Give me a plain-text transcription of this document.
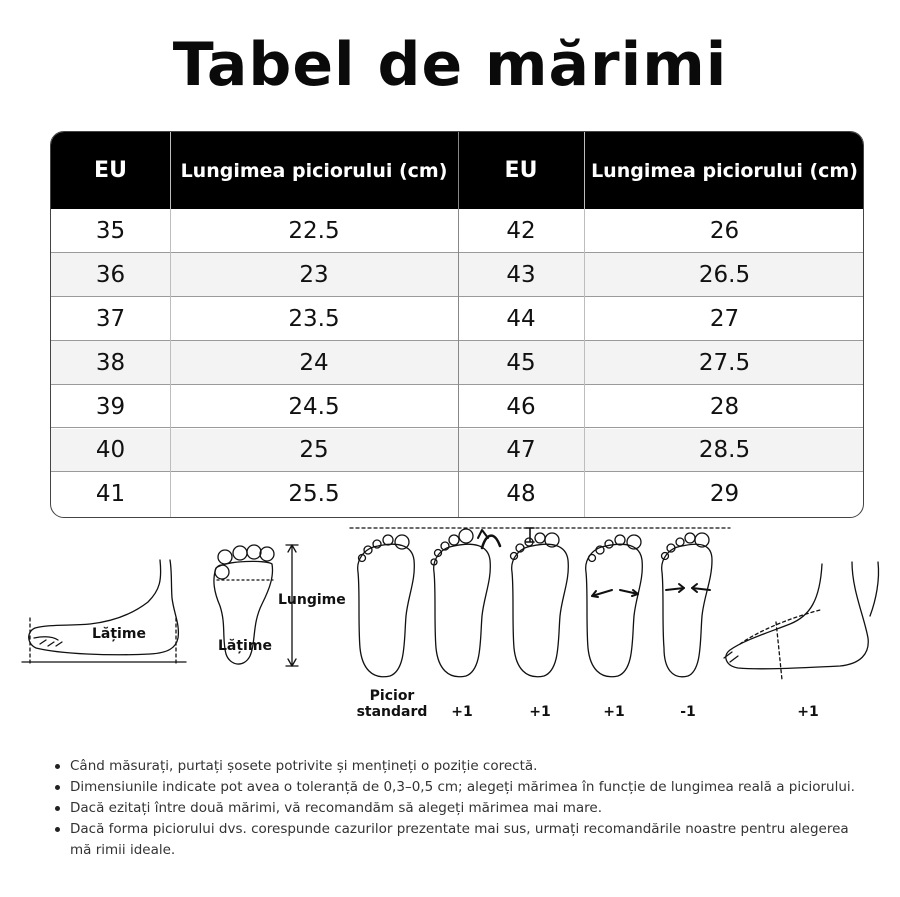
Tabel de mărimi
EU	Lungimea piciorului (cm)	EU	Lungimea piciorului (cm)
35	22.5	42	26
36	23	43	26.5
37	23.5	44	27
38	24	45	27.5
39	24.5	46	28
40	25	47	28.5
41	25.5	48	29
Lățime
Lungime
Lățime
Picior
standard	+1	+1	+1	-1	+1
Când măsurați, purtați șosete potrivite și mențineți o poziție corectă.
Dimensiunile indicate pot avea o toleranță de 0,3–0,5 cm; alegeți mărimea în funcție de lungimea reală a piciorului.
Dacă ezitați între două mărimi, vă recomandăm să alegeți mărimea mai mare.
Dacă forma piciorului dvs. corespunde cazurilor prezentate mai sus, urmați recomandările noastre pentru alegerea mă rimii ideale.
